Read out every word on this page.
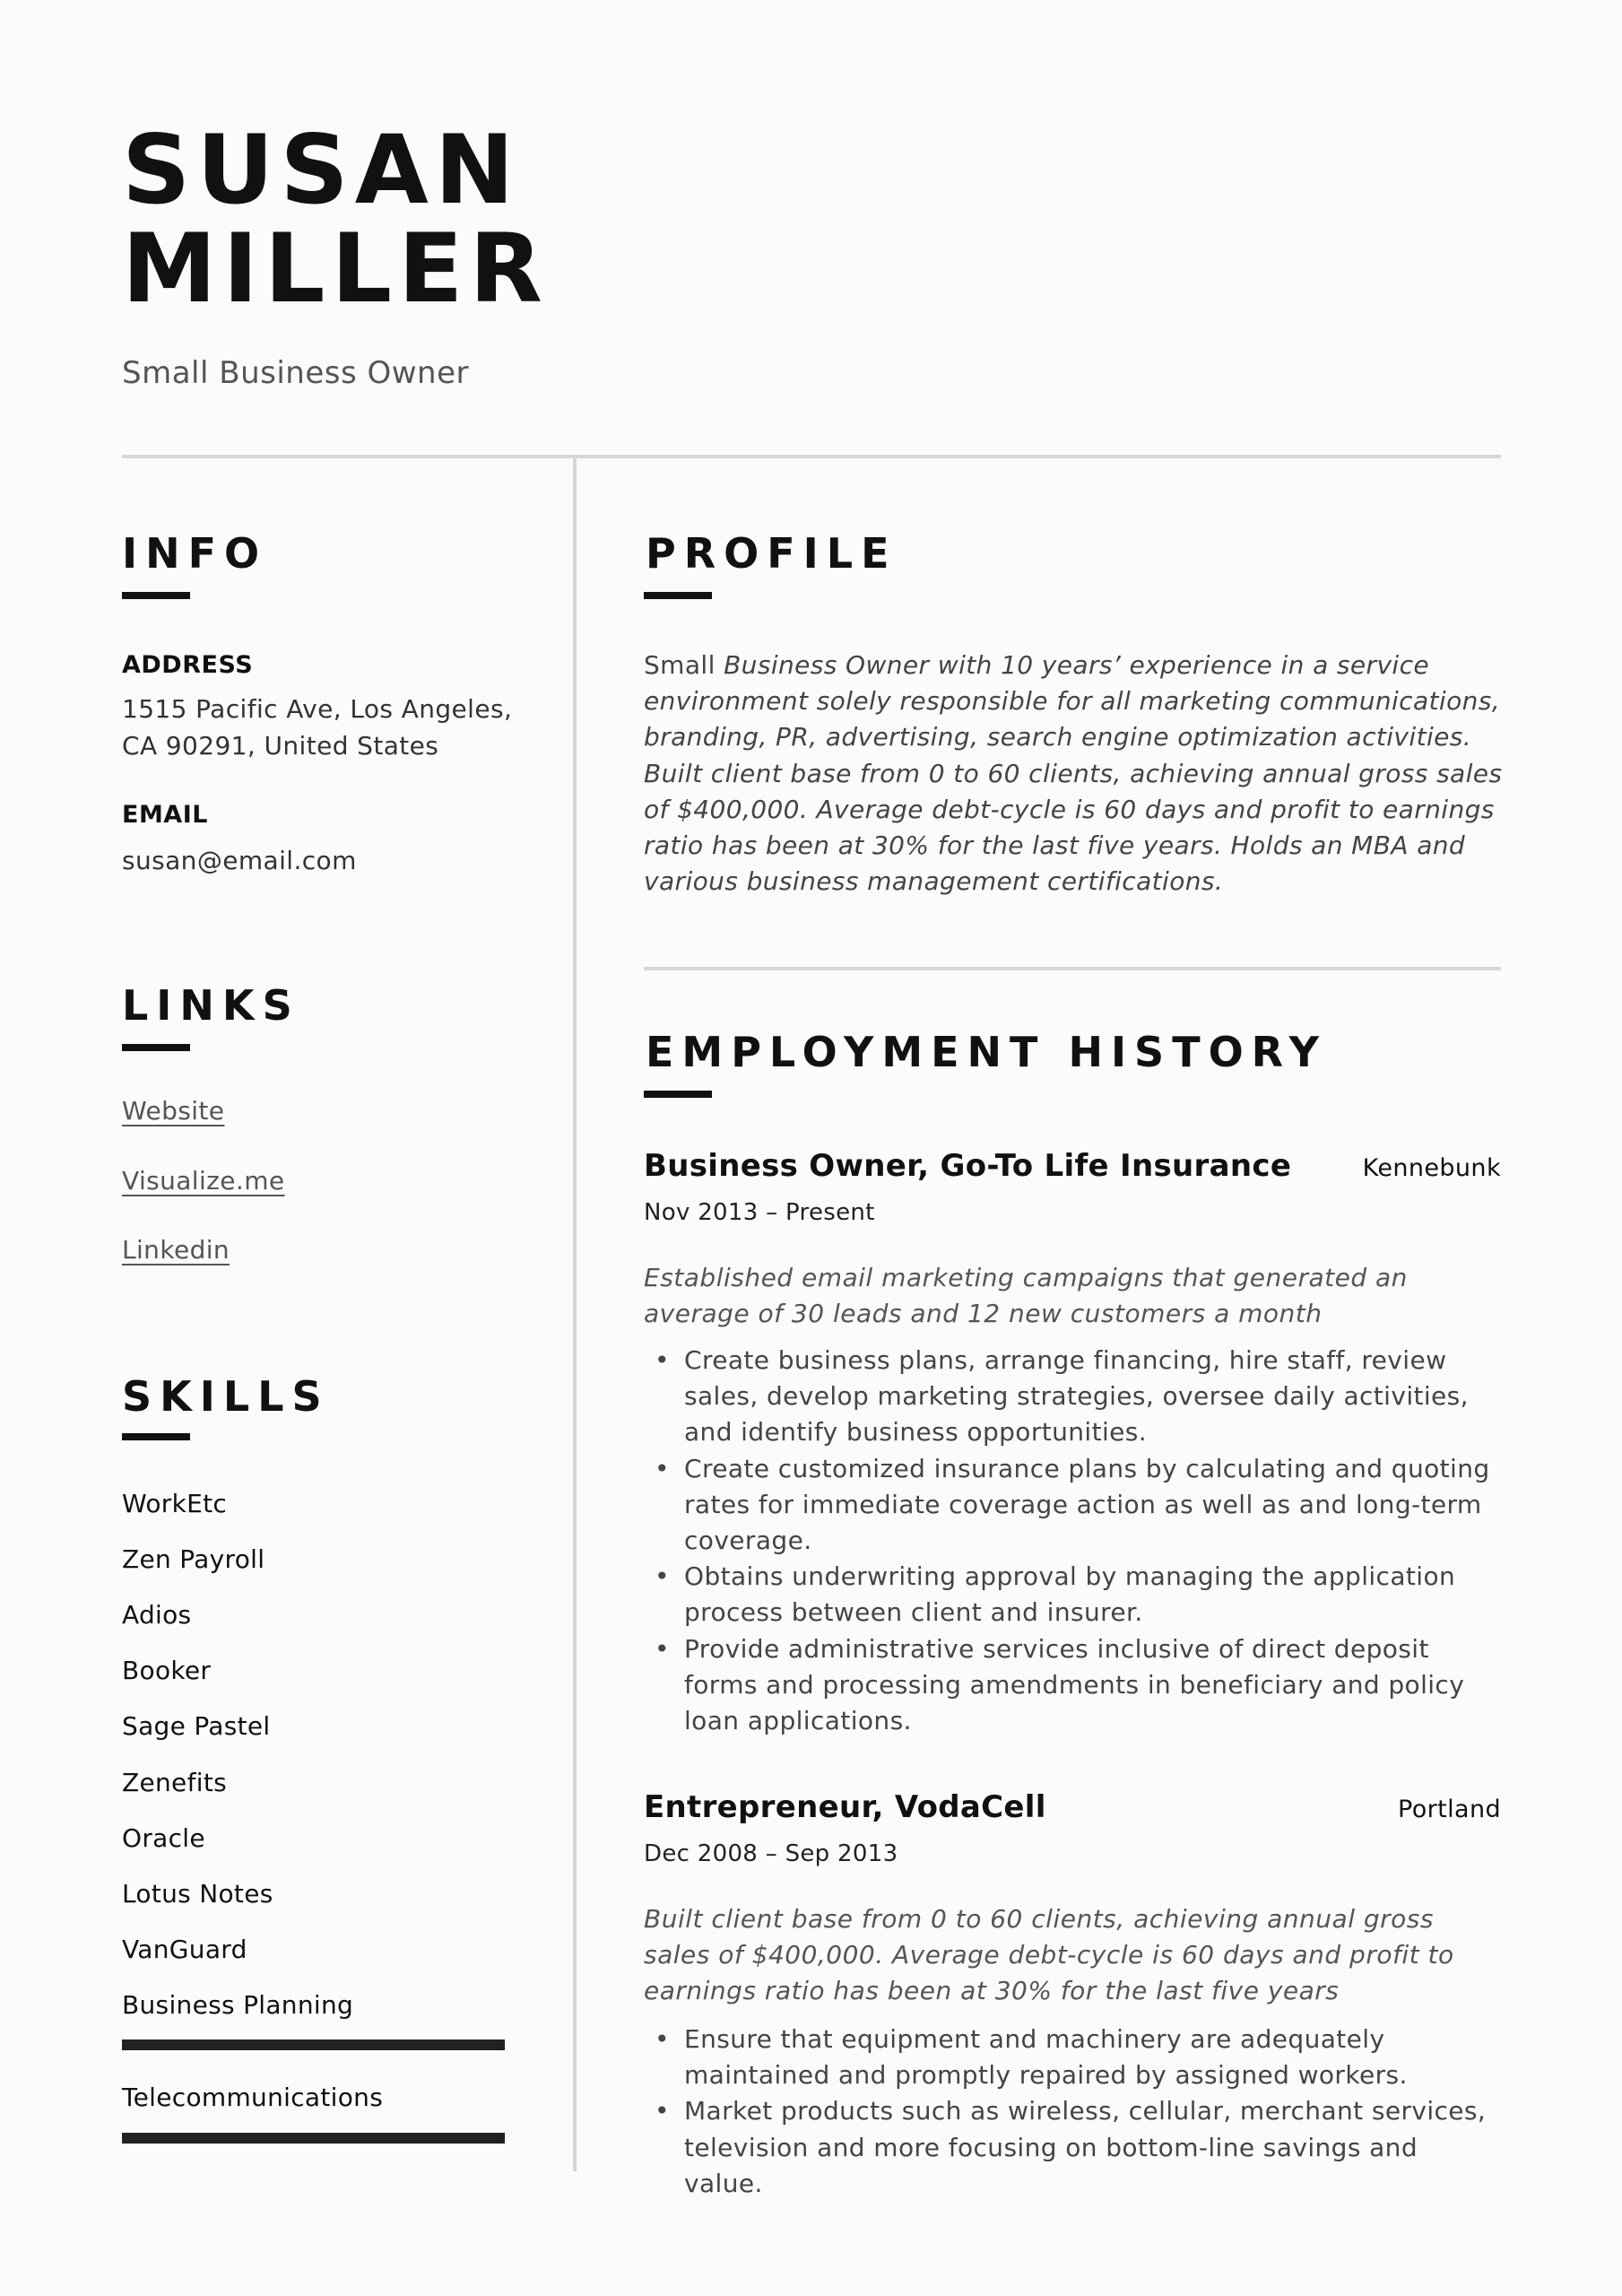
SUSAN
MILLER
Small Business Owner
INFO
ADDRESS
1515 Pacific Ave, Los Angeles,
CA 90291, United States
EMAIL
susan@email.com
LINKS
Website
Visualize.me
Linkedin
SKILLS
WorkEtc
Zen Payroll
Adios
Booker
Sage Pastel
Zenefits
Oracle
Lotus Notes
VanGuard
Business Planning
Telecommunications
PROFILE
Small Business Owner with 10 years’ experience in a service environment solely responsible for all marketing communications, branding, PR, advertising, search engine optimization activities. Built client base from 0 to 60 clients, achieving annual gross sales of $400,000. Average debt-cycle is 60 days and profit to earnings ratio has been at 30% for the last five years. Holds an MBA and various business management certifications.
EMPLOYMENT HISTORY
Business Owner, Go-To Life Insurance	Kennebunk
Nov 2013 – Present
Established email marketing campaigns that generated an average of 30 leads and 12 new customers a month
• Create business plans, arrange financing, hire staff, review sales, develop marketing strategies, oversee daily activities, and identify business opportunities.
• Create customized insurance plans by calculating and quoting rates for immediate coverage action as well as and long-term coverage.
• Obtains underwriting approval by managing the application process between client and insurer.
• Provide administrative services inclusive of direct deposit forms and processing amendments in beneficiary and policy loan applications.
Entrepreneur, VodaCell	Portland
Dec 2008 – Sep 2013
Built client base from 0 to 60 clients, achieving annual gross sales of $400,000. Average debt-cycle is 60 days and profit to earnings ratio has been at 30% for the last five years
• Ensure that equipment and machinery are adequately maintained and promptly repaired by assigned workers.
• Market products such as wireless, cellular, merchant services, television and more focusing on bottom-line savings and value.
